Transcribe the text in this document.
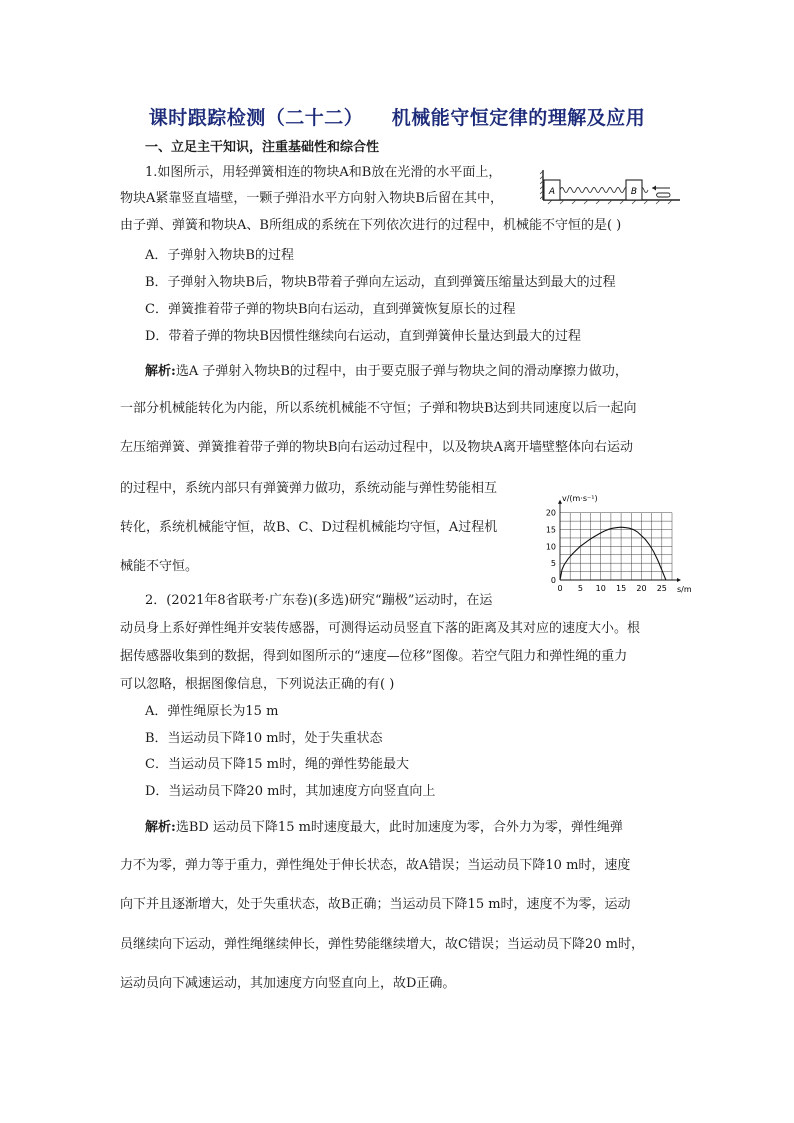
课时跟踪检测（二十二）    机械能守恒定律的理解及应用
一、立足主干知识，注重基础性和综合性
1.如图所示，用轻弹簧相连的物块A和B放在光滑的水平面上，
物块A紧靠竖直墙壁，一颗子弹沿水平方向射入物块B后留在其中，
由子弹、弹簧和物块A、B所组成的系统在下列依次进行的过程中，机械能不守恒的是( )
A．子弹射入物块B的过程
B．子弹射入物块B后，物块B带着子弹向左运动，直到弹簧压缩量达到最大的过程
C．弹簧推着带子弹的物块B向右运动，直到弹簧恢复原长的过程
D．带着子弹的物块B因惯性继续向右运动，直到弹簧伸长量达到最大的过程
解析:选A 子弹射入物块B的过程中，由于要克服子弹与物块之间的滑动摩擦力做功，
一部分机械能转化为内能，所以系统机械能不守恒；子弹和物块B达到共同速度以后一起向
左压缩弹簧、弹簧推着带子弹的物块B向右运动过程中，以及物块A离开墙壁整体向右运动
的过程中，系统内部只有弹簧弹力做功，系统动能与弹性势能相互
转化，系统机械能守恒，故B、C、D过程机械能均守恒，A过程机
械能不守恒。
A	B
0 5 10 15 20 25
0
5
10
15
20
v/(m·s⁻¹)
s/m
2．(2021年8省联考·广东卷)(多选)研究“蹦极”运动时，在运
动员身上系好弹性绳并安装传感器，可测得运动员竖直下落的距离及其对应的速度大小。根
据传感器收集到的数据，得到如图所示的“速度—位移”图像。若空气阻力和弹性绳的重力
可以忽略，根据图像信息，下列说法正确的有( )
A．弹性绳原长为15 m
B．当运动员下降10 m时，处于失重状态
C．当运动员下降15 m时，绳的弹性势能最大
D．当运动员下降20 m时，其加速度方向竖直向上
解析:选BD 运动员下降15 m时速度最大，此时加速度为零，合外力为零，弹性绳弹
力不为零，弹力等于重力，弹性绳处于伸长状态，故A错误；当运动员下降10 m时，速度
向下并且逐渐增大，处于失重状态，故B正确；当运动员下降15 m时，速度不为零，运动
员继续向下运动，弹性绳继续伸长，弹性势能继续增大，故C错误；当运动员下降20 m时，
运动员向下减速运动，其加速度方向竖直向上，故D正确。
